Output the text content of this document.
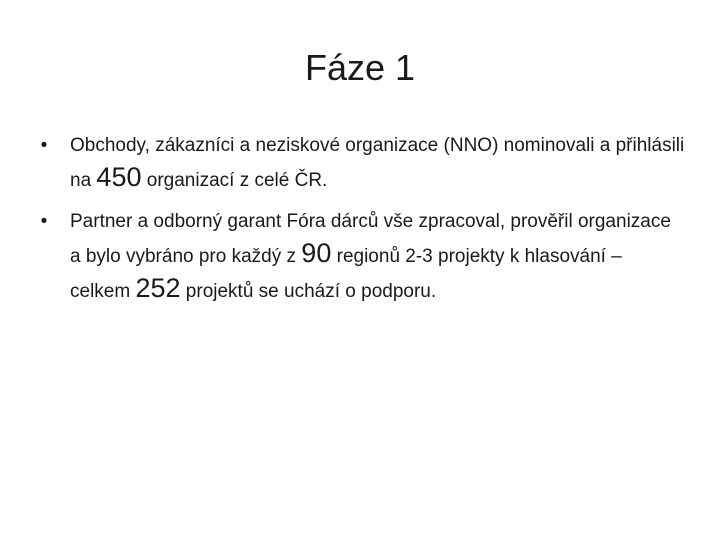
Fáze 1
• Obchody, zákazníci a neziskové organizace (NNO) nominovali a přihlásili na 450 organizací z celé ČR.
• Partner a odborný garant Fóra dárců vše zpracoval, prověřil organizace a bylo vybráno pro každý z 90 regionů 2-3 projekty k hlasování – celkem 252 projektů se uchází o podporu.
